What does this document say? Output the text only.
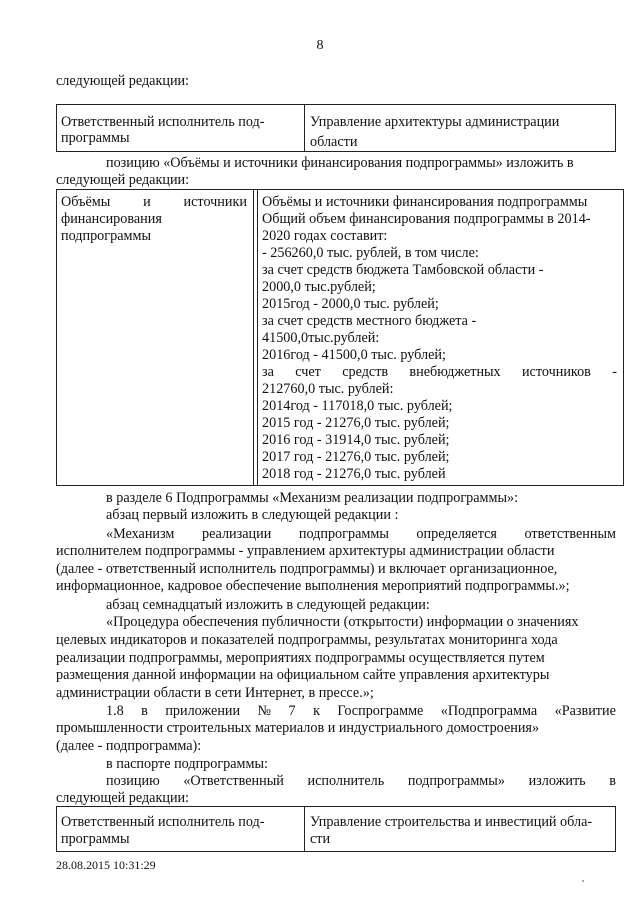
8
следующей редакции:
Ответственный исполнитель под-
программы
Управление архитектуры администрации
области
позицию «Объёмы и источники финансирования подпрограммы» изложить в
следующей редакции:
Объёмы и источники
финансирования
подпрограммы
Объёмы и источники финансирования подпрограммы
Общий объем финансирования подпрограммы в 2014-
2020 годах составит:
- 256260,0 тыс. рублей, в том числе:
за счет средств бюджета Тамбовской области -
2000,0 тыс.рублей;
2015год - 2000,0 тыс. рублей;
за счет средств местного бюджета -
41500,0тыс.рублей:
2016год - 41500,0 тыс. рублей;
за счет средств внебюджетных источников -
212760,0 тыс. рублей:
2014год - 117018,0 тыс. рублей;
2015 год - 21276,0 тыс. рублей;
2016 год - 31914,0 тыс. рублей;
2017 год - 21276,0 тыс. рублей;
2018 год - 21276,0 тыс. рублей
в разделе 6 Подпрограммы «Механизм реализации подпрограммы»:
абзац первый изложить в следующей редакции :
«Механизм реализации подпрограммы определяется ответственным
исполнителем подпрограммы - управлением архитектуры администрации области
(далее - ответственный исполнитель подпрограммы) и включает организационное,
информационное, кадровое обеспечение выполнения мероприятий подпрограммы.»;
абзац семнадцатый изложить в следующей редакции:
«Процедура обеспечения публичности (открытости) информации о значениях
целевых индикаторов и показателей подпрограммы, результатах мониторинга хода
реализации подпрограммы, мероприятиях подпрограммы осуществляется путем
размещения данной информации на официальном сайте управления архитектуры
администрации области в сети Интернет, в прессе.»;
1.8 в приложении № 7 к Госпрограмме «Подпрограмма «Развитие
промышленности строительных материалов и индустриального домостроения»
(далее - подпрограмма):
в паспорте подпрограммы:
позицию «Ответственный исполнитель подпрограммы» изложить в
следующей редакции:
Ответственный исполнитель под-
программы
Управление строительства и инвестиций обла-
сти
28.08.2015 10:31:29
